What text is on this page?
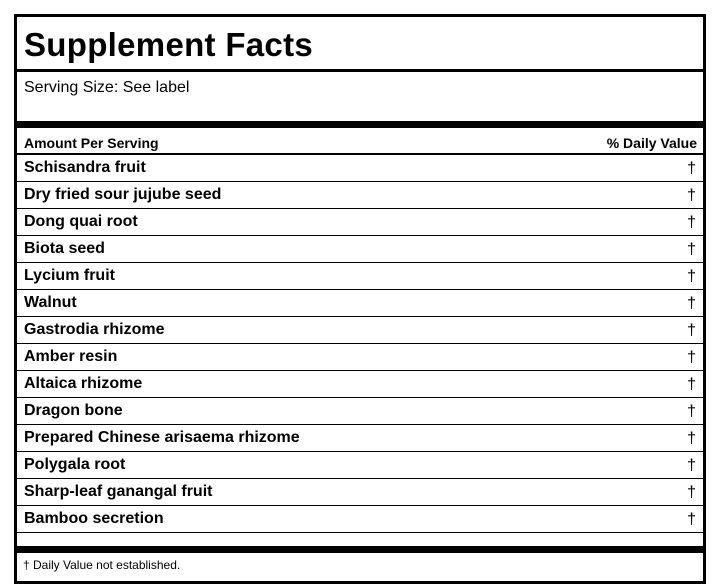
Supplement Facts
Serving Size: See label
Amount Per Serving	% Daily Value
Schisandra fruit	†
Dry fried sour jujube seed	†
Dong quai root	†
Biota seed	†
Lycium fruit	†
Walnut	†
Gastrodia rhizome	†
Amber resin	†
Altaica rhizome	†
Dragon bone	†
Prepared Chinese arisaema rhizome	†
Polygala root	†
Sharp-leaf ganangal fruit	†
Bamboo secretion	†
† Daily Value not established.
